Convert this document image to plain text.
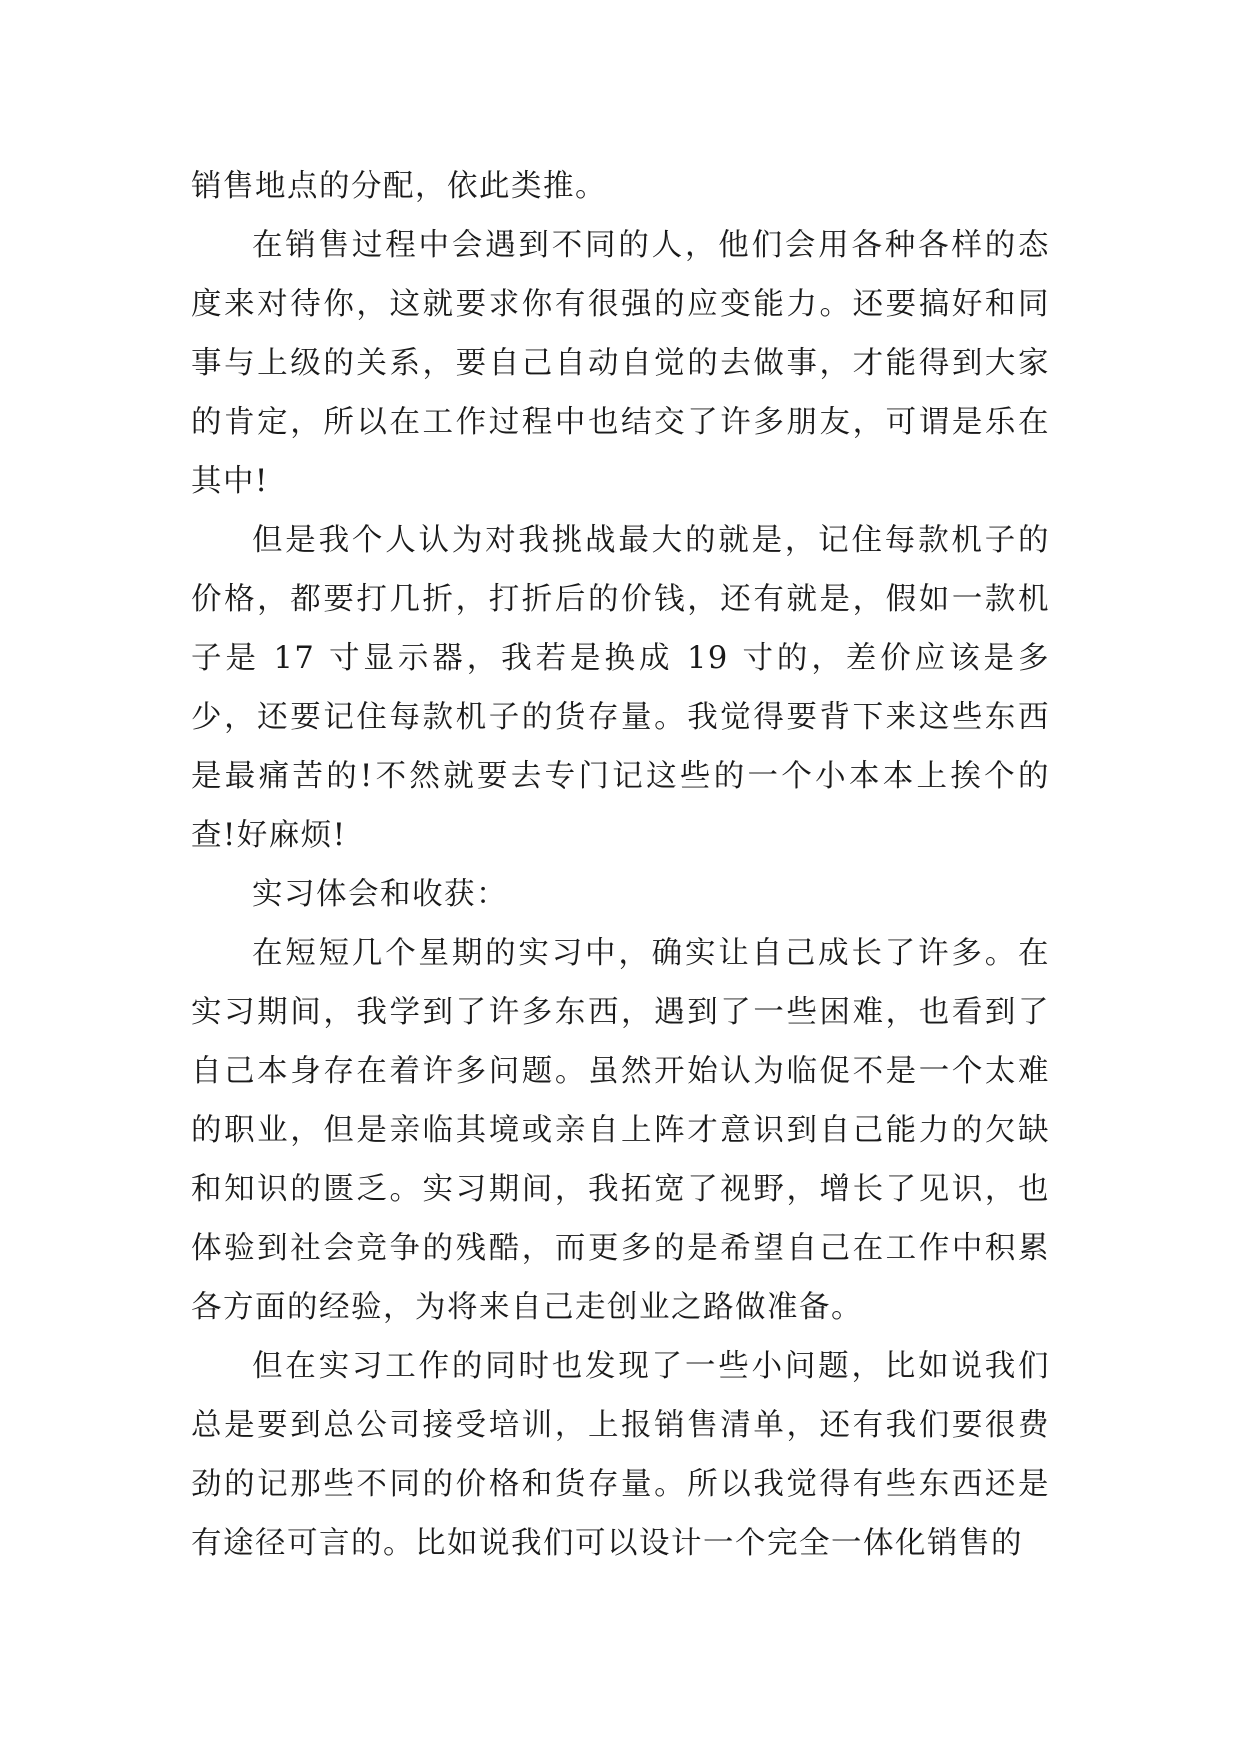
销售地点的分配，依此类推。

在销售过程中会遇到不同的人，他们会用各种各样的态度来对待你，这就要求你有很强的应变能力。还要搞好和同事与上级的关系，要自己自动自觉的去做事，才能得到大家的肯定，所以在工作过程中也结交了许多朋友，可谓是乐在其中!

但是我个人认为对我挑战最大的就是，记住每款机子的价格，都要打几折，打折后的价钱，还有就是，假如一款机子是 17 寸显示器，我若是换成 19 寸的，差价应该是多少，还要记住每款机子的货存量。我觉得要背下来这些东西是最痛苦的!不然就要去专门记这些的一个小本本上挨个的查!好麻烦!

实习体会和收获：

在短短几个星期的实习中，确实让自己成长了许多。在实习期间，我学到了许多东西，遇到了一些困难，也看到了自己本身存在着许多问题。虽然开始认为临促不是一个太难的职业，但是亲临其境或亲自上阵才意识到自己能力的欠缺和知识的匮乏。实习期间，我拓宽了视野，增长了见识，也体验到社会竞争的残酷，而更多的是希望自己在工作中积累各方面的经验，为将来自己走创业之路做准备。

但在实习工作的同时也发现了一些小问题，比如说我们总是要到总公司接受培训，上报销售清单，还有我们要很费劲的记那些不同的价格和货存量。所以我觉得有些东西还是有途径可言的。比如说我们可以设计一个完全一体化销售的
